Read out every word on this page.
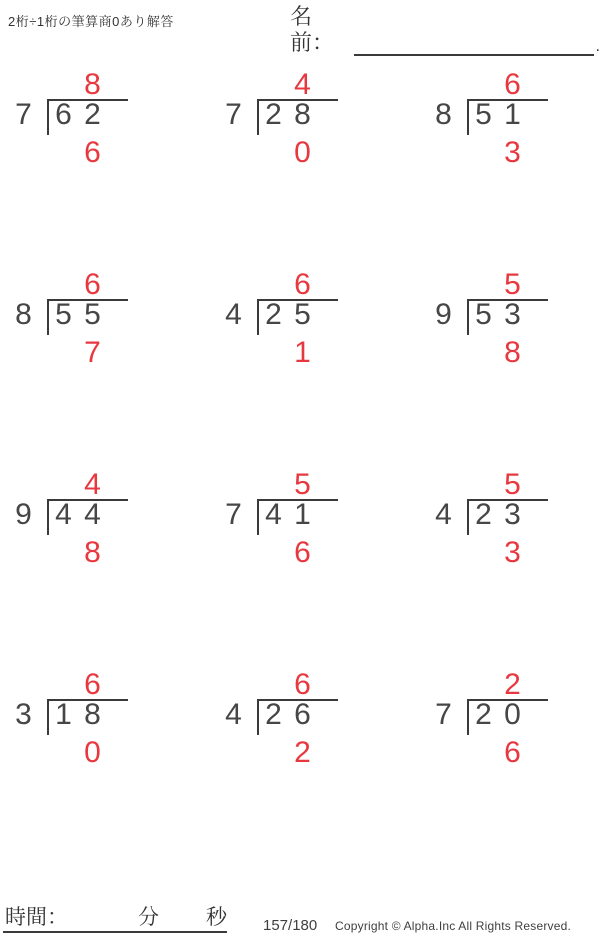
2桁÷1桁の筆算商0あり解答	名前：	.
8
7 6 2
6
4
7 2 8
0
6
8 5 1
3
6
8 5 5
7
6
4 2 5
1
5
9 5 3
8
4
9 4 4
8
5
7 4 1
6
5
4 2 3
3
6
3 1 8
0
6
4 2 6
2
2
7 2 0
6
時間：	分 秒 157/180 Copyright © Alpha.Inc All Rights Reserved.
